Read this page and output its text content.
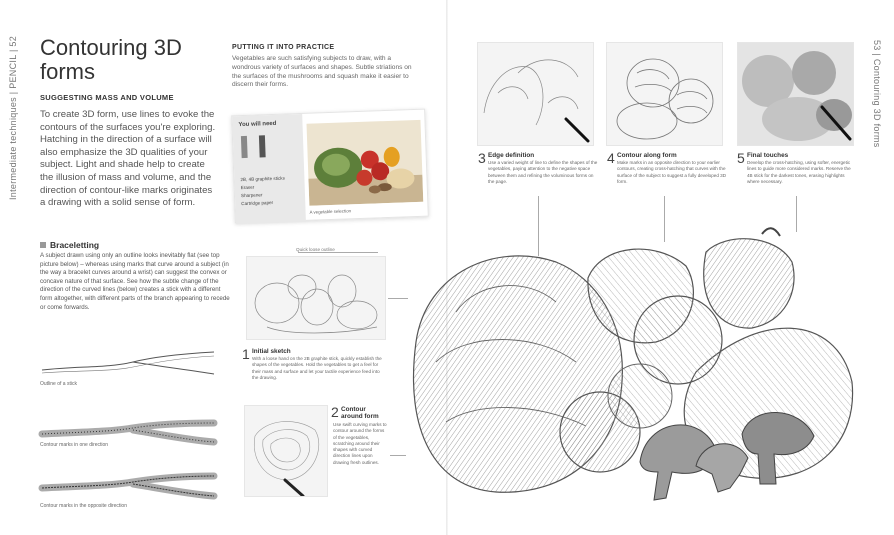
Intermediate techniques | PENCIL | 52	53 | Contouring 3D forms
Contouring 3D forms
SUGGESTING MASS AND VOLUME

To create 3D form, use lines to evoke the contours of the surfaces you're exploring. Hatching in the direction of a surface will also emphasize the 3D qualities of your subject. Light and shade help to create the illusion of mass and volume, and the direction of contour-like marks originates a drawing with a solid sense of form.

Braceletting

A subject drawn using only an outline looks inevitably flat (see top picture below) – whereas using marks that curve around a subject (in the way a bracelet curves around a wrist) can suggest the convex or concave nature of that surface. See how the subtle change of the direction of the curved lines (below) creates a stick with a different form altogether, with different parts of the branch appearing to recede or come forwards.

Outline of a stick
Contour marks in one direction
Contour marks in the opposite direction
PUTTING IT INTO PRACTICE

Vegetables are such satisfying subjects to draw, with a wondrous variety of surfaces and shapes. Subtle striations on the surfaces of the mushrooms and squash make it easier to discern their forms.

You will need
2B, 4B graphite sticks
Eraser
Sharpener
Cartridge paper
A vegetable selection
Quick loose outline
1 Initial sketch
With a loose hand on the 2B graphite stick, quickly establish the shapes of the vegetables. Hold the vegetables to get a feel for their mass and surface and let your tactile experience feed into the drawing.
2 Contour around form
Use swift curving marks to contour around the forms of the vegetables, scratching around their shapes with curved direction lines upon drawing fresh outlines.
3 Edge definition
Use a varied weight of line to define the shapes of the vegetables, paying attention to the negative space between them and refining the voluminous forms on the page.
4 Contour along form
Make marks in an opposite direction to your earlier contours, creating cross-hatching that curves with the surface of the subject to suggest a fully developed 3D form.
5 Final touches
Develop the cross-hatching, using softer, energetic lines to guide more considered marks. Reserve the 4B stick for the darkest tones, erasing highlights where necessary.
